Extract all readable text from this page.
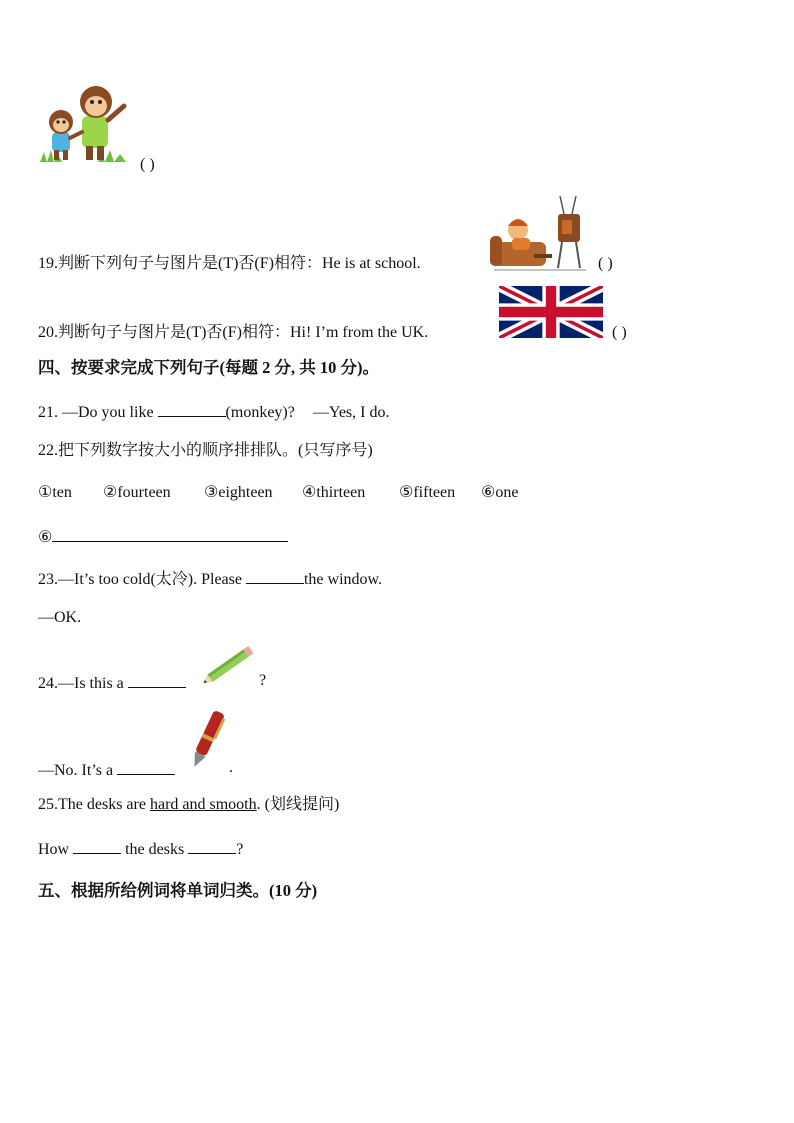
( )
19.判断下列句子与图片是(T)否(F)相符：He is at school.	( )
20.判断句子与图片是(T)否(F)相符：Hi! I’m from the UK.	( )
四、按要求完成下列句子(每题 2 分, 共 10 分)。
21. —Do you like	(monkey)? —Yes, I do.
22.把下列数字按大小的顺序排排队。(只写序号)
①ten ②fourteen ③eighteen ④thirteen ⑤fifteen ⑥one
⑥
23.—It’s too cold(太冷). Please	the window.
—OK.
24.—Is this a	?
—No. It’s a	.
25.The desks are hard and smooth. (划线提问)
How	the desks	?
五、根据所给例词将单词归类。(10 分)
